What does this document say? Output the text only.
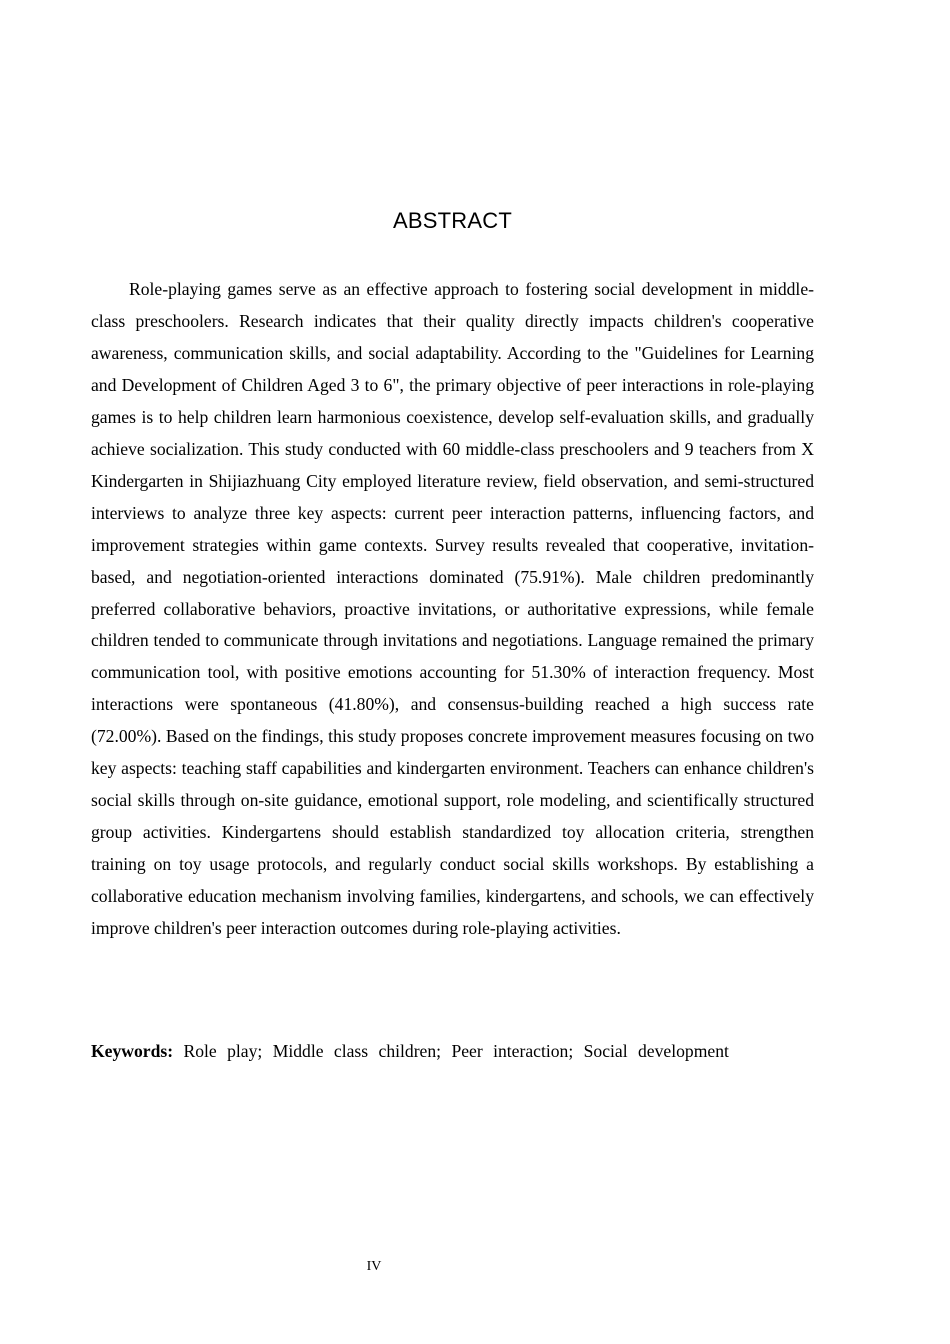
ABSTRACT

Role-playing games serve as an effective approach to fostering social development in middle-class preschoolers. Research indicates that their quality directly impacts children's cooperative awareness, communication skills, and social adaptability. According to the "Guidelines for Learning and Development of Children Aged 3 to 6", the primary objective of peer interactions in role-playing games is to help children learn harmonious coexistence, develop self-evaluation skills, and gradually achieve socialization. This study conducted with 60 middle-class preschoolers and 9 teachers from X Kindergarten in Shijiazhuang City employed literature review, field observation, and semi-structured interviews to analyze three key aspects: current peer interaction patterns, influencing factors, and improvement strategies within game contexts. Survey results revealed that cooperative, invitation-based, and negotiation-oriented interactions dominated (75.91%). Male children predominantly preferred collaborative behaviors, proactive invitations, or authoritative expressions, while female children tended to communicate through invitations and negotiations. Language remained the primary communication tool, with positive emotions accounting for 51.30% of interaction frequency. Most interactions were spontaneous (41.80%), and consensus-building reached a high success rate (72.00%). Based on the findings, this study proposes concrete improvement measures focusing on two key aspects: teaching staff capabilities and kindergarten environment. Teachers can enhance children's social skills through on-site guidance, emotional support, role modeling, and scientifically structured group activities. Kindergartens should establish standardized toy allocation criteria, strengthen training on toy usage protocols, and regularly conduct social skills workshops. By establishing a collaborative education mechanism involving families, kindergartens, and schools, we can effectively improve children's peer interaction outcomes during role-playing activities.

Keywords: Role play; Middle class children; Peer interaction; Social development

IV
